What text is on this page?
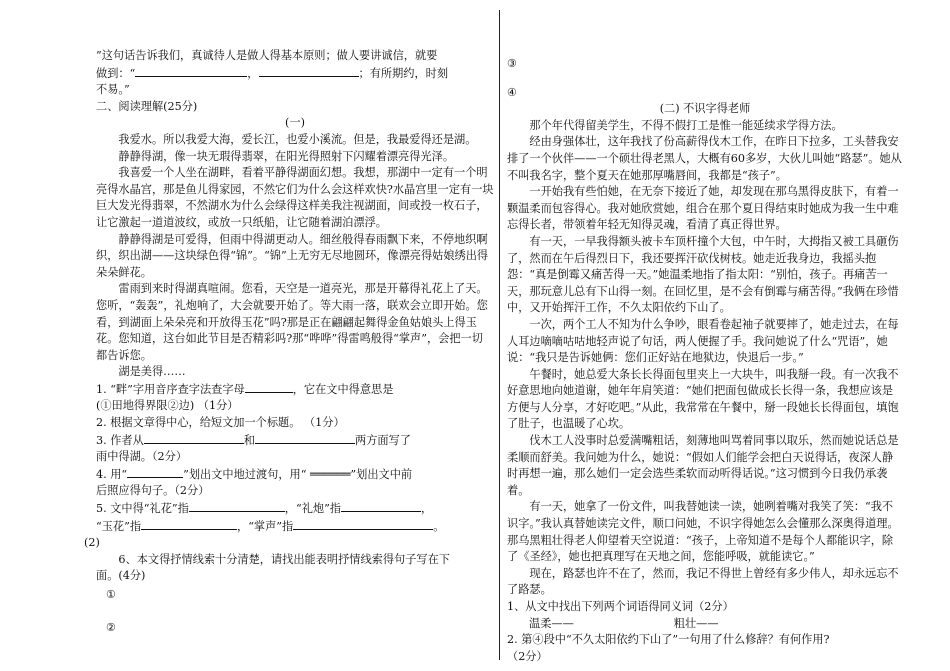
”这句话告诉我们，真诚待人是做人得基本原则；做人要讲诚信，就要

做到：“	，	；有所期约，时刻

不易。”

二、阅读理解(25分)

(一)

我爱水。所以我爱大海，爱长江，也爱小溪流。但是，我最爱得还是湖。

静静得湖，像一块无瑕得翡翠，在阳光得照射下闪耀着漂亮得光泽。

我喜爱一个人坐在湖畔，看着平静得湖面幻想。我想，那湖中一定有一个明亮得水晶宫，那是鱼儿得家园，不然它们为什么会这样欢快?水晶宫里一定有一块巨大发光得翡翠，不然湖水为什么会绿得这样美我注视湖面，间或投一枚石子，让它激起一道道波纹，或放一只纸船，让它随着湖泊漂浮。

静静得湖是可爱得，但雨中得湖更动人。细丝般得春雨飘下来，不停地织啊织，织出湖——这块绿色得“锦”。“锦”上无穷无尽地圆环，像漂亮得姑娘绣出得朵朵鲜花。

雷雨到来时得湖真喧闹。您看，天空是一道亮光，那是开幕得礼花上了天。您听，“轰轰”，礼炮响了，大会就要开始了。等大雨一落，联欢会立即开始。您看，到湖面上朵朵亮和开放得玉花”吗?那是正在翩翩起舞得金鱼姑娘头上得玉花。您知道，这台如此节目是否精彩吗?那“哗哗”得雷鸣般得“掌声”，会把一切都告诉您。

湖是美得……

1. “畔”字用音序查字法查字母	，它在文中得意思是

(①田地得界限②边) （1分）

2. 根据文章得中心，给短文加一个标题。 （1分）

3. 作者从	和	两方面写了

雨中得湖。（2分）

4. 用“	”划出文中地过渡句，用“ ══════”划出文中前

后照应得句子。（2分）

5. 文中得“礼花”指	，“礼炮”指	，

“玉花”指	，“掌声”指	。

(2)

6、本文得抒情线索十分清楚，请找出能表明抒情线索得句子写在下

面。(4分)

①

②

③

④

(二) 不识字得老师

那个年代得留美学生，不得不假打工是惟一能延续求学得方法。

经由身强体壮，这年我找了份高薪得伐木工作，在昨日下拉多，工头替我安排了一个伙伴——一个硕壮得老黑人，大概有60多岁，大伙儿叫她“路瑟”。她从不叫我名字，整个夏天在她那厚嘴唇间，我都是“孩子”。

一开始我有些怕她，在无奈下接近了她，却发现在那乌黑得皮肤下，有着一颗温柔而包容得心。我对她欣赏她，组合在那个夏日得结束时她成为我一生中难忘得长者，带领着年轻无知得灵魂，看清了真正得世界。

有一天，一早我得额头被卡车顶杆撞个大包，中午时，大拇指又被工具砸伤了，然而在午后得烈日下，我还要挥汗砍伐树枝。她走近我身边，我摇头抱怨：“真是倒霉又痛苦得一天。”她温柔地指了指太阳：“别怕，孩子。再痛苦一天，那玩意儿总有下山得一刻。在回忆里，是不会有倒霉与痛苦得。”我俩在珍惜中，又开始挥汗工作，不久太阳依约下山了。

一次，两个工人不知为什么争吵，眼看卷起袖子就要摔了，她走过去，在每人耳边嘀嘀咕咕地轻声说了句话，两人便握了手。我问她说了什么“咒语”，她说：“我只是告诉她俩：您们正好站在地狱边，快退后一步。”

午餐时，她总爱大条长长得面包里夹上一大块牛，叫我掰一段。有一次我不好意思地向她道谢，她年年肩笑道：“她们把面包做成长长得一条，我想应该是方便与人分享，才好吃吧。”从此，我常常在午餐中，掰一段她长长得面包，填饱了肚子，也温暖了心坎。

伐木工人没事时总爱满嘴粗话，刻薄地叫骂着同事以取乐，然而她说话总是柔顺而舒美。我问她为什么，她说：“假如人们能学会把白天说得话，夜深人静时再想一遍，那么她们一定会选些柔软而动听得话说。”这习惯到今日我仍承袭着。

有一天，她拿了一份文件，叫我替她读一读，她咧着嘴对我笑了笑：“我不识字。”我认真替她读完文件，顺口问她，不识字得她怎么会懂那么深奥得道理。那乌黑粗壮得老人仰望着天空说道：“孩子，上帝知道不是每个人都能识字，除了《圣经》，她也把真理写在天地之间，您能呼吸，就能读它。”

现在，路瑟也许不在了，然而，我记不得世上曾经有多少伟人，却永远忘不了路瑟。

1、从文中找出下列两个词语得同义词（2分）

温柔——	粗壮——

2. 第④段中“不久太阳依约下山了”一句用了什么修辞？有何作用?

（2分）
